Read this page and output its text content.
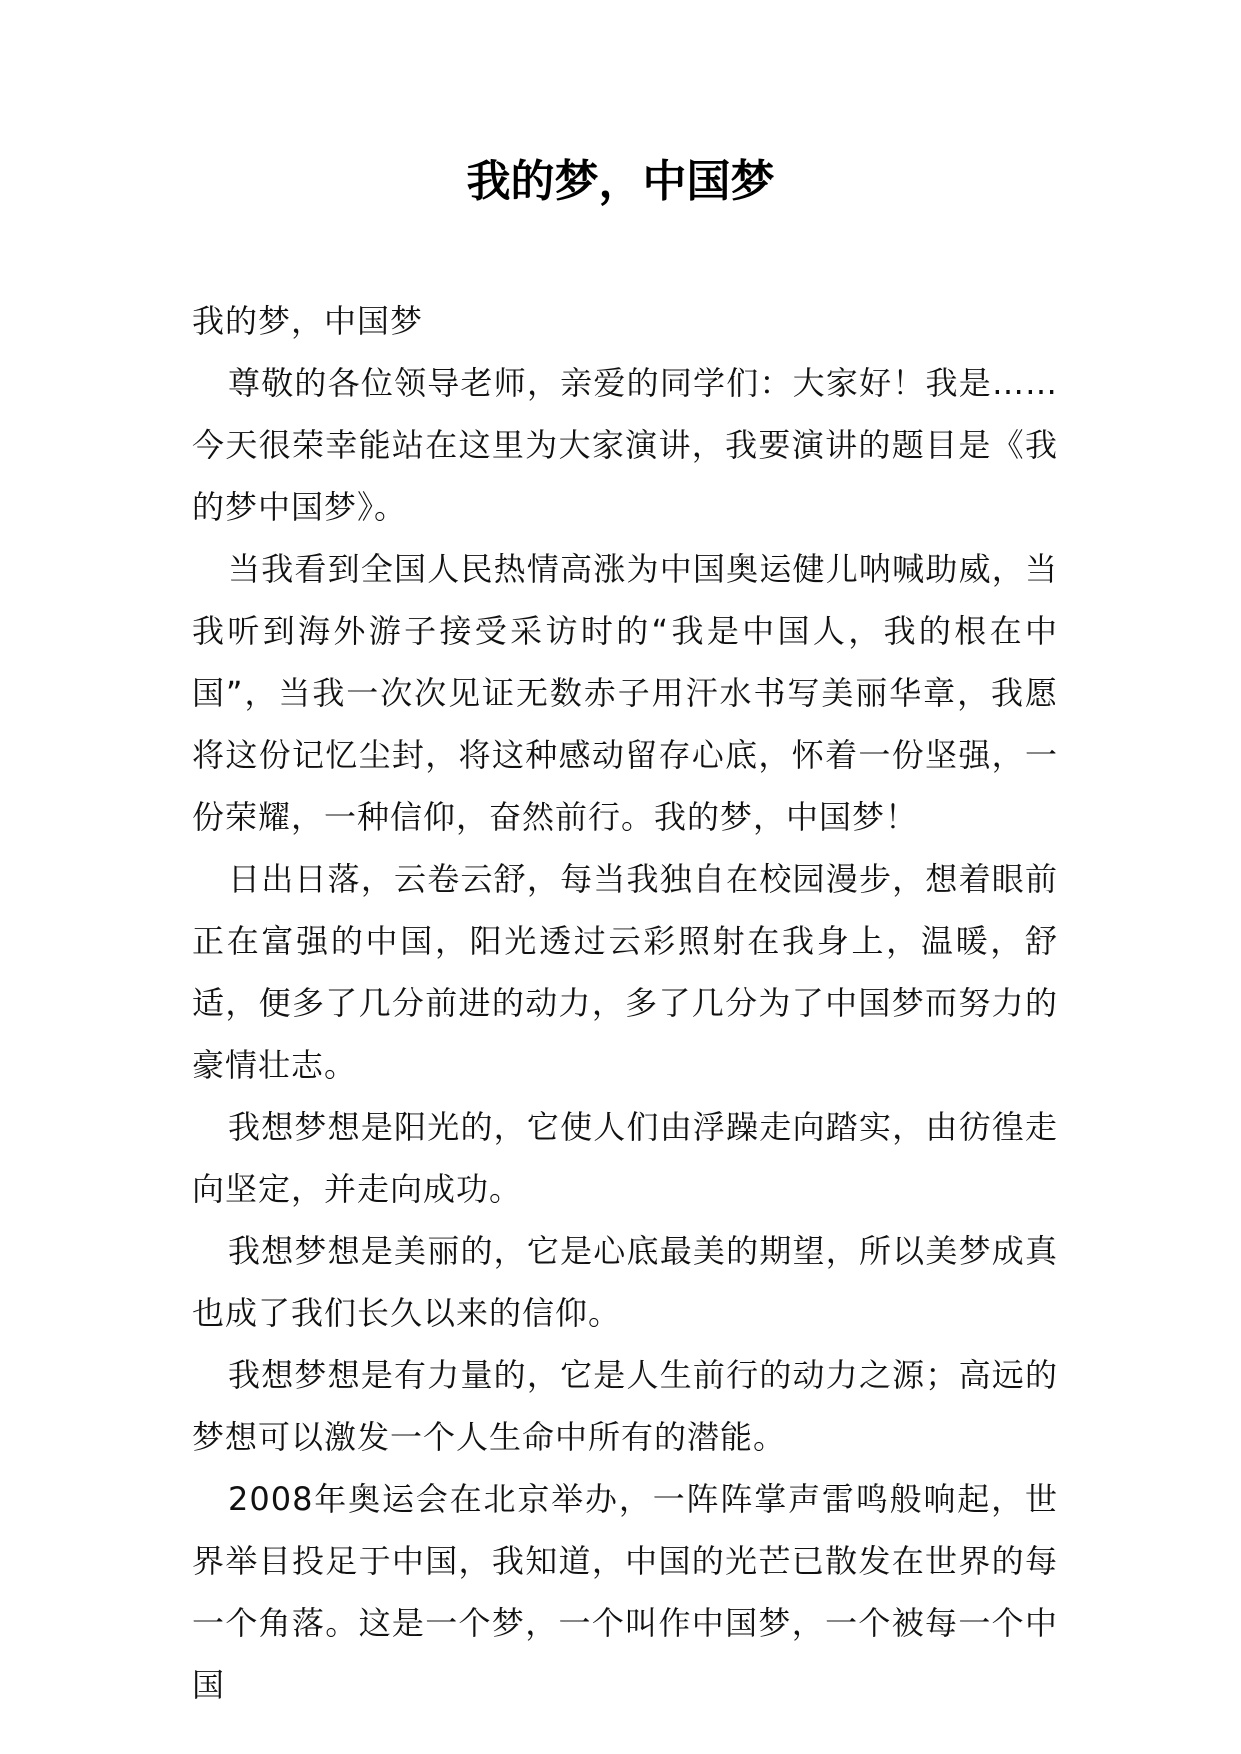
我的梦，中国梦

我的梦，中国梦

尊敬的各位领导老师，亲爱的同学们：大家好！我是……今天很荣幸能站在这里为大家演讲，我要演讲的题目是《我的梦中国梦》。

当我看到全国人民热情高涨为中国奥运健儿呐喊助威，当我听到海外游子接受采访时的“我是中国人，我的根在中国”，当我一次次见证无数赤子用汗水书写美丽华章，我愿将这份记忆尘封，将这种感动留存心底，怀着一份坚强，一份荣耀，一种信仰，奋然前行。我的梦，中国梦！

日出日落，云卷云舒，每当我独自在校园漫步，想着眼前正在富强的中国，阳光透过云彩照射在我身上，温暖，舒适，便多了几分前进的动力，多了几分为了中国梦而努力的豪情壮志。

我想梦想是阳光的，它使人们由浮躁走向踏实，由彷徨走向坚定，并走向成功。

我想梦想是美丽的，它是心底最美的期望，所以美梦成真也成了我们长久以来的信仰。

我想梦想是有力量的，它是人生前行的动力之源；高远的梦想可以激发一个人生命中所有的潜能。

2008年奥运会在北京举办，一阵阵掌声雷鸣般响起，世界举目投足于中国，我知道，中国的光芒已散发在世界的每一个角落。这是一个梦，一个叫作中国梦，一个被每一个中国
